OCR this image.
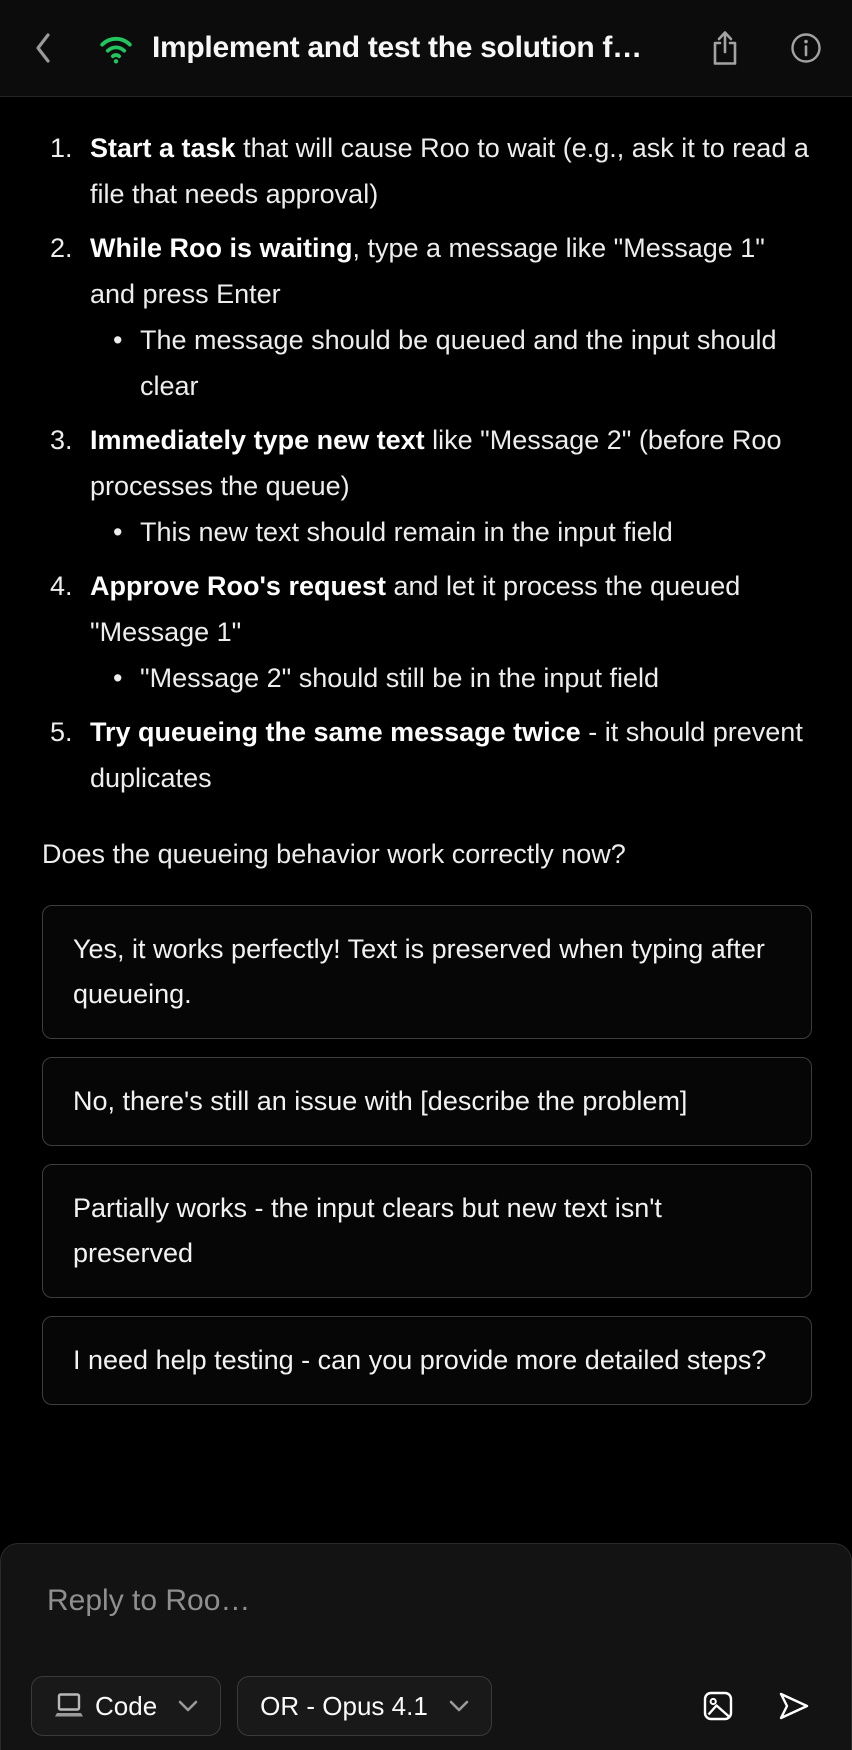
Implement and test the solution f…
1. Start a task that will cause Roo to wait (e.g., ask it to read a file that needs approval)
2. While Roo is waiting, type a message like "Message 1" and press Enter
• The message should be queued and the input should clear
3. Immediately type new text like "Message 2" (before Roo processes the queue)
• This new text should remain in the input field
4. Approve Roo's request and let it process the queued "Message 1"
• "Message 2" should still be in the input field
5. Try queueing the same message twice - it should prevent duplicates

Does the queueing behavior work correctly now?

Yes, it works perfectly! Text is preserved when typing after queueing.
No, there's still an issue with [describe the problem]
Partially works - the input clears but new text isn't preserved
I need help testing - can you provide more detailed steps?
Reply to Roo…
Code	OR - Opus 4.1
